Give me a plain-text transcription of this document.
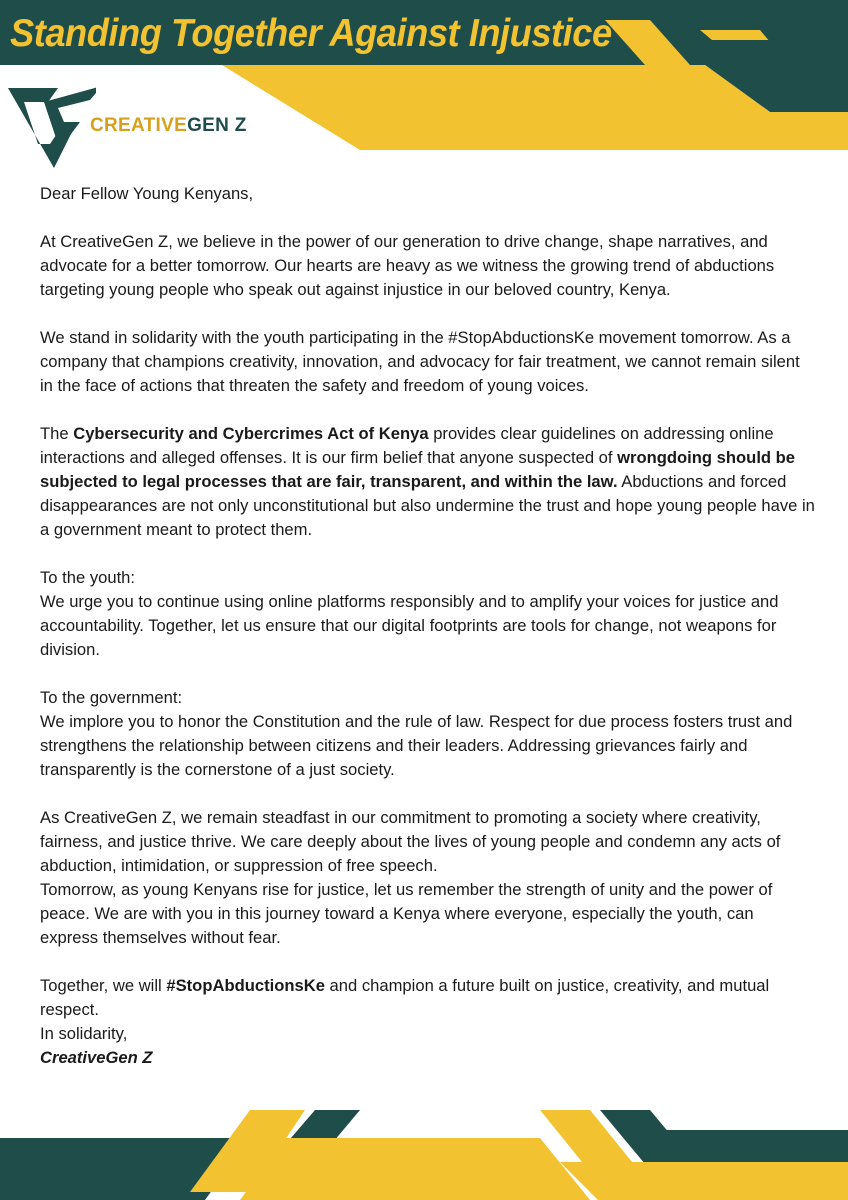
Standing Together Against Injustice
CREATIVEGEN Z

Dear Fellow Young Kenyans,

At CreativeGen Z, we believe in the power of our generation to drive change, shape narratives, and advocate for a better tomorrow. Our hearts are heavy as we witness the growing trend of abductions targeting young people who speak out against injustice in our beloved country, Kenya.

We stand in solidarity with the youth participating in the #StopAbductionsKe movement tomorrow. As a company that champions creativity, innovation, and advocacy for fair treatment, we cannot remain silent in the face of actions that threaten the safety and freedom of young voices.

The Cybersecurity and Cybercrimes Act of Kenya provides clear guidelines on addressing online interactions and alleged offenses. It is our firm belief that anyone suspected of wrongdoing should be subjected to legal processes that are fair, transparent, and within the law. Abductions and forced disappearances are not only unconstitutional but also undermine the trust and hope young people have in a government meant to protect them.

To the youth:

We urge you to continue using online platforms responsibly and to amplify your voices for justice and accountability. Together, let us ensure that our digital footprints are tools for change, not weapons for division.

To the government:

We implore you to honor the Constitution and the rule of law. Respect for due process fosters trust and strengthens the relationship between citizens and their leaders. Addressing grievances fairly and transparently is the cornerstone of a just society.

As CreativeGen Z, we remain steadfast in our commitment to promoting a society where creativity, fairness, and justice thrive. We care deeply about the lives of young people and condemn any acts of abduction, intimidation, or suppression of free speech.

Tomorrow, as young Kenyans rise for justice, let us remember the strength of unity and the power of peace. We are with you in this journey toward a Kenya where everyone, especially the youth, can express themselves without fear.

Together, we will #StopAbductionsKe and champion a future built on justice, creativity, and mutual respect.

In solidarity,

CreativeGen Z
